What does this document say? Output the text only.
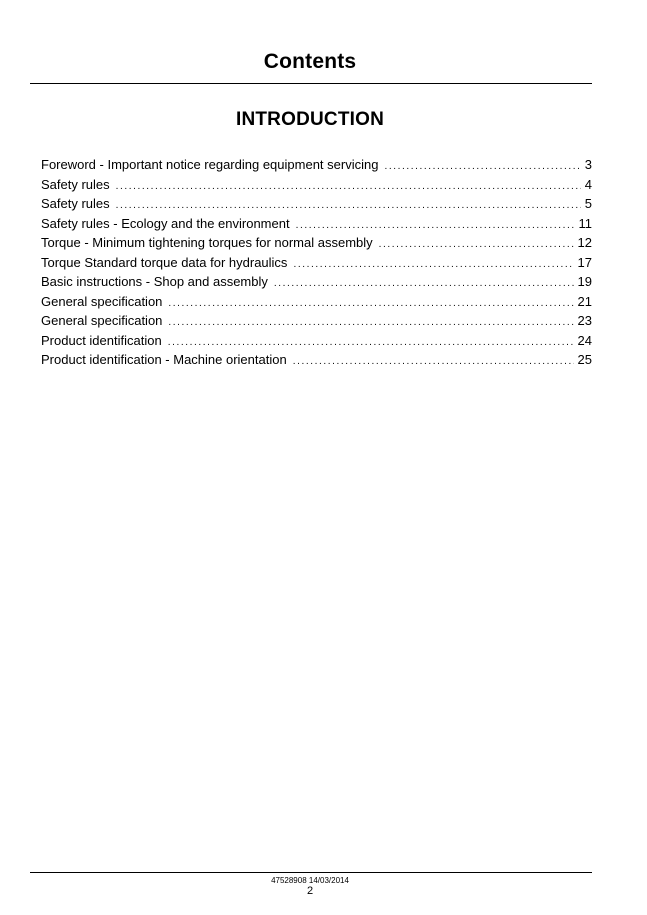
Contents
INTRODUCTION
Foreword - Important notice regarding equipment servicing .....	3
Safety rules .....	4
Safety rules .....	5
Safety rules - Ecology and the environment .....	11
Torque - Minimum tightening torques for normal assembly .....	12
Torque Standard torque data for hydraulics .....	17
Basic instructions - Shop and assembly .....	19
General specification .....	21
General specification .....	23
Product identification .....	24
Product identification - Machine orientation .....	25
47528908 14/03/2014
2
